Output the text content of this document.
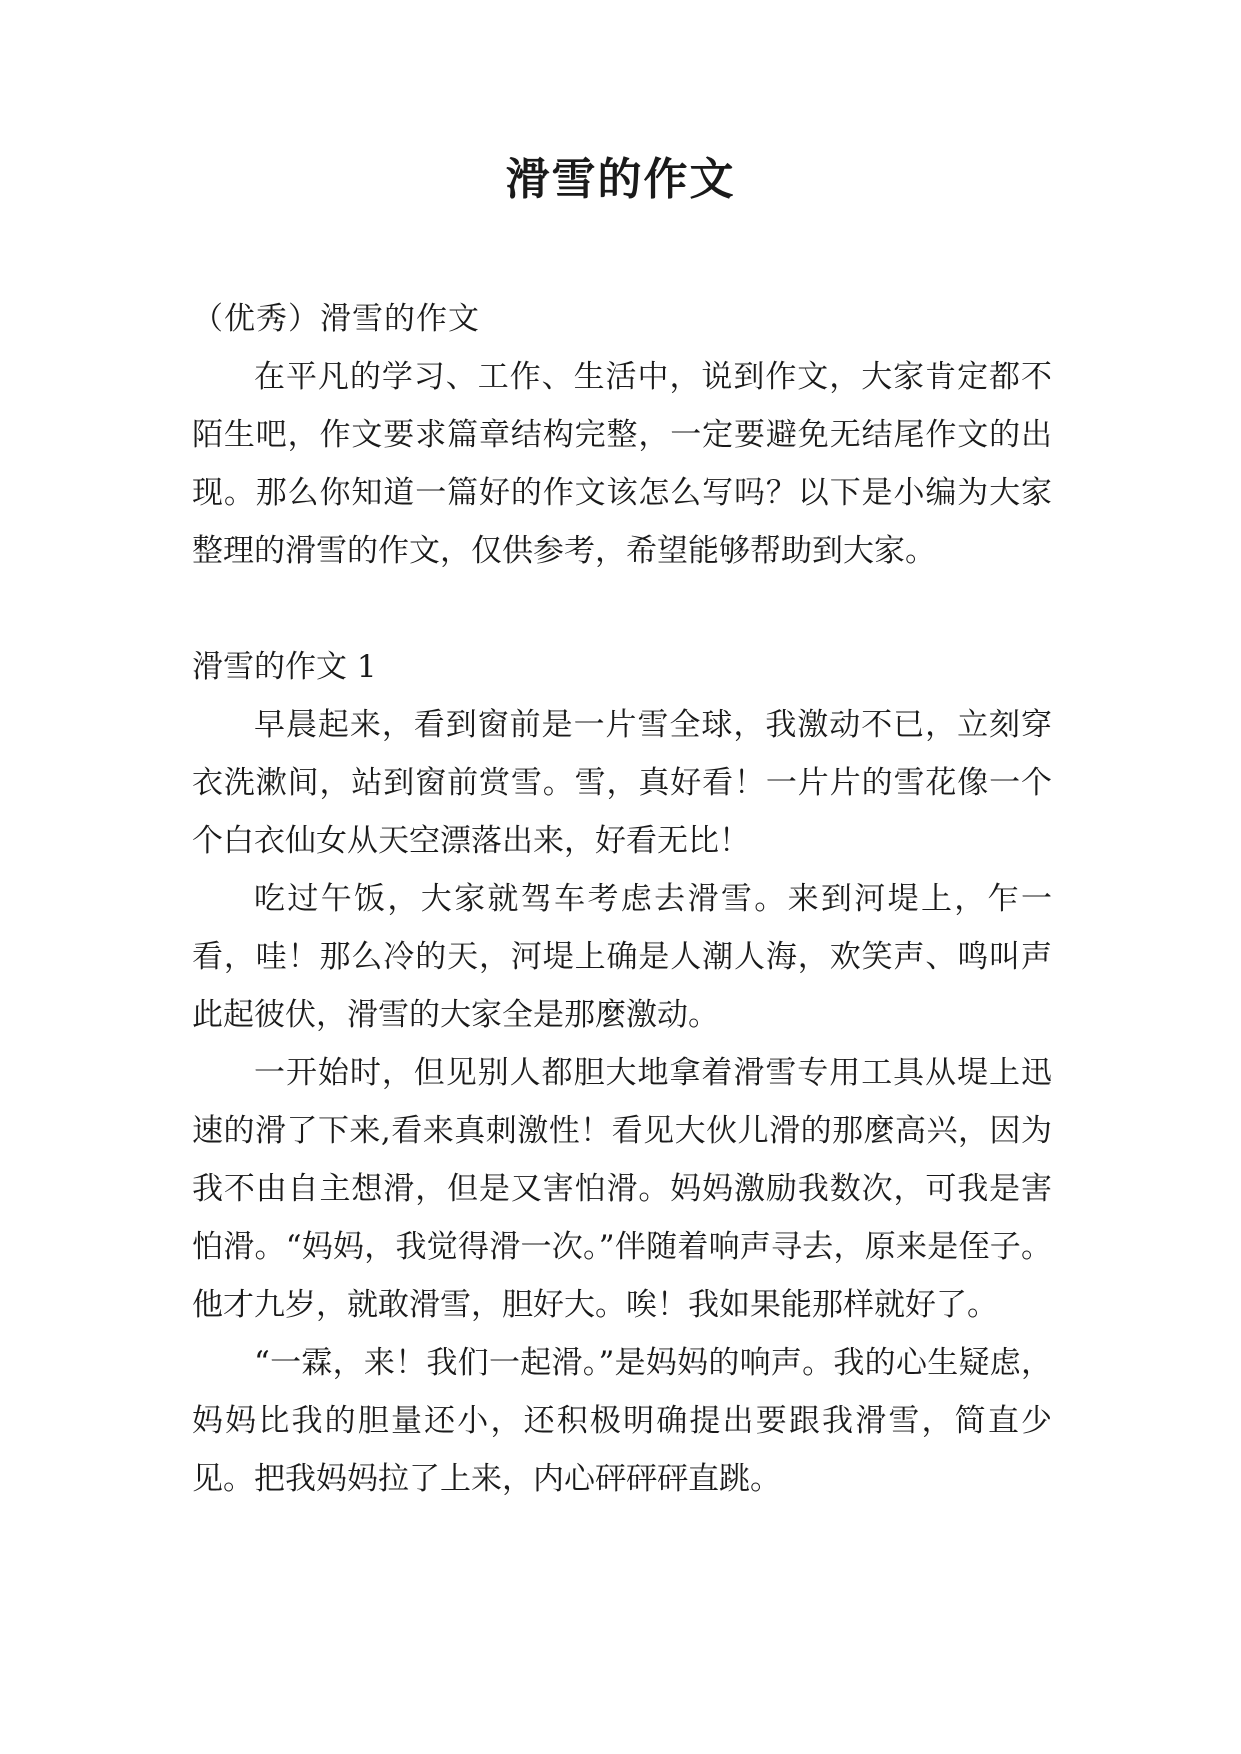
滑雪的作文

（优秀）滑雪的作文

在平凡的学习、工作、生活中，说到作文，大家肯定都不陌生吧，作文要求篇章结构完整，一定要避免无结尾作文的出现。那么你知道一篇好的作文该怎么写吗？以下是小编为大家整理的滑雪的作文，仅供参考，希望能够帮助到大家。

滑雪的作文 1

早晨起来，看到窗前是一片雪全球，我激动不已，立刻穿衣洗漱间，站到窗前赏雪。雪，真好看！一片片的雪花像一个个白衣仙女从天空漂落出来，好看无比！

吃过午饭，大家就驾车考虑去滑雪。来到河堤上，乍一看，哇！那么冷的天，河堤上确是人潮人海，欢笑声、鸣叫声此起彼伏，滑雪的大家全是那麼激动。

一开始时，但见别人都胆大地拿着滑雪专用工具从堤上迅速的滑了下来,看来真刺激性！看见大伙儿滑的那麼高兴，因为我不由自主想滑，但是又害怕滑。妈妈激励我数次，可我是害怕滑。“妈妈，我觉得滑一次。”伴随着响声寻去，原来是侄子。他才九岁，就敢滑雪，胆好大。唉！我如果能那样就好了。

“一霖，来！我们一起滑。”是妈妈的响声。我的心生疑虑，妈妈比我的胆量还小，还积极明确提出要跟我滑雪，简直少见。把我妈妈拉了上来，内心砰砰砰直跳。
